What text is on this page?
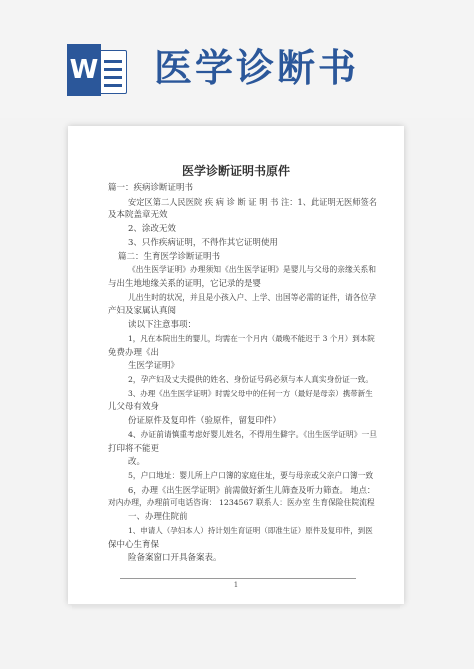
W 医学诊断书
医学诊断证明书原件
篇一：疾病诊断证明书
安定区第二人民医院 疾 病 诊 断 证 明 书 注：1、此证明无医师签名
及本院盖章无效
2、涂改无效
3、只作疾病证明，不得作其它证明使用
篇二：生育医学诊断证明书
《出生医学证明》办理须知《出生医学证明》是婴儿与父母的亲缘关系和
与出生地地缘关系的证明，它记录的是婴
儿出生时的状况，并且是小孩入户、上学、出国等必需的证件，请各位孕
产妇及家属认真阅
读以下注意事项：
1，凡在本院出生的婴儿，均需在一个月内（最晚不能迟于 3 个月）到本院
免费办理《出
生医学证明》
2，孕产妇及丈夫提供的姓名、身份证号码必须与本人真实身份证一致。
3、办理《出生医学证明》时需父母中的任何一方（最好是母亲）携带新生
儿父母有效身
份证原件及复印件（验原件，留复印件）
4、办证前请慎重考虑好婴儿姓名，不得用生僻字。《出生医学证明》一旦
打印将不能更
改。
5，户口地址：婴儿所上户口簿的家庭住址，要与母亲或父亲户口簿一致
6，办理《出生医学证明》前需做好新生儿筛查及听力筛查。 地点：
对内办理，办理前可电话咨询： 1234567 联系人：医办室 生育保险住院流程
一、办理住院前
1、申请人（孕妇本人）持计划生育证明（即准生证）原件及复印件，到医
保中心生育保
险备案窗口开具备案表。
1
